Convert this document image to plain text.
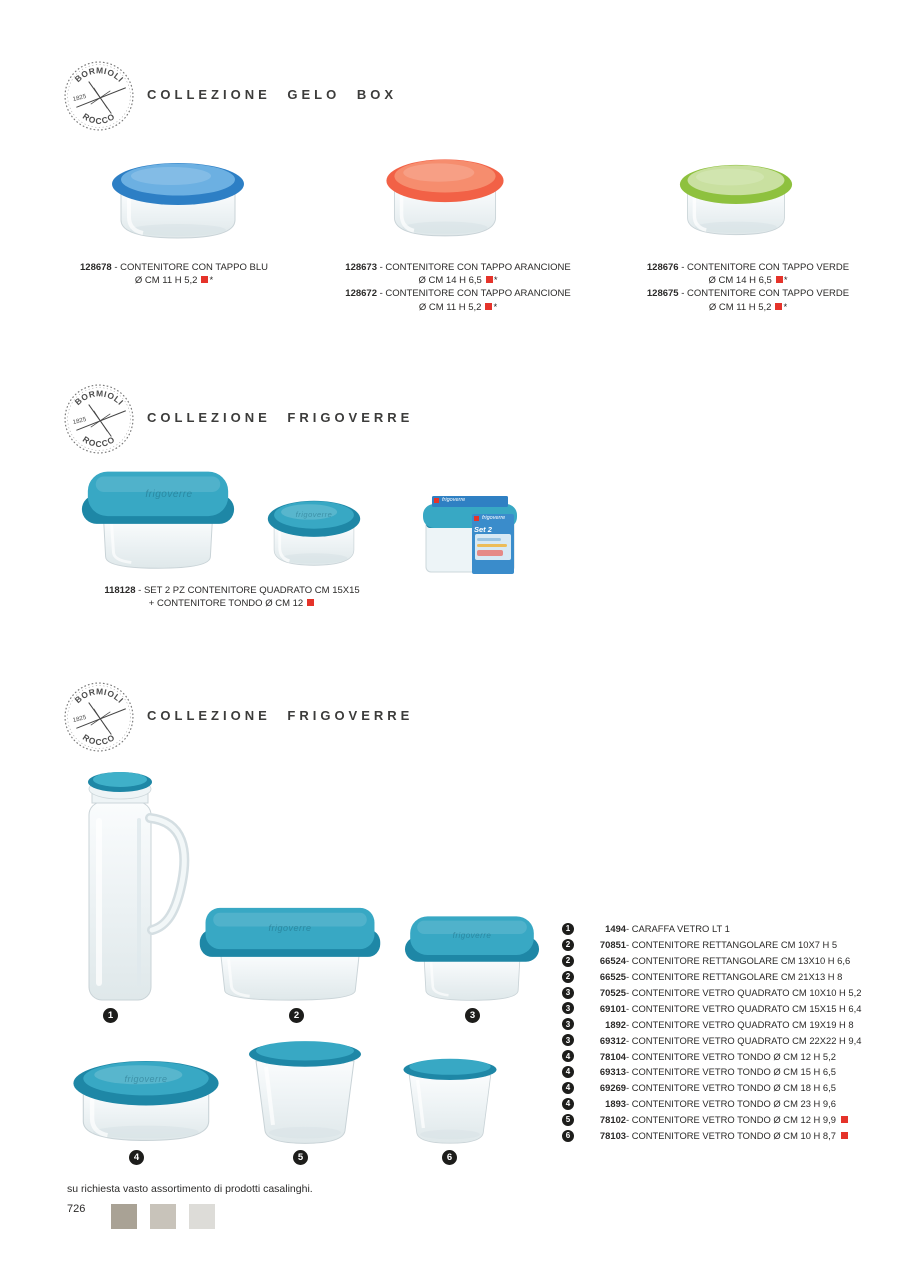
COLLEZIONE GELO BOX
128678 - CONTENITORE CON TAPPO BLU
Ø CM 11 H 5,2 *
128673 - CONTENITORE CON TAPPO ARANCIONE
Ø CM 14 H 6,5 *
128672 - CONTENITORE CON TAPPO ARANCIONE
Ø CM 11 H 5,2 *
128676 - CONTENITORE CON TAPPO VERDE
Ø CM 14 H 6,5 *
128675 - CONTENITORE CON TAPPO VERDE
Ø CM 11 H 5,2 *
COLLEZIONE FRIGOVERRE
frigoverre
frigoverre
frigoverre
frigoverre
Set 2
118128 - SET 2 PZ CONTENITORE QUADRATO CM 15X15
+ CONTENITORE TONDO Ø CM 12
COLLEZIONE FRIGOVERRE
frigoverre
frigoverre
frigoverre
1	2	3
4	5	6
1	1494 - CARAFFA VETRO LT 1
2	70851 - CONTENITORE RETTANGOLARE CM 10X7 H 5
2	66524 - CONTENITORE RETTANGOLARE CM 13X10 H 6,6
2	66525 - CONTENITORE RETTANGOLARE CM 21X13 H 8
3	70525 - CONTENITORE VETRO QUADRATO CM 10X10 H 5,2
3	69101 - CONTENITORE VETRO QUADRATO CM 15X15 H 6,4
3	1892 - CONTENITORE VETRO QUADRATO CM 19X19 H 8
3	69312 - CONTENITORE VETRO QUADRATO CM 22X22 H 9,4
4	78104 - CONTENITORE VETRO TONDO Ø CM 12 H 5,2
4	69313 - CONTENITORE VETRO TONDO Ø CM 15 H 6,5
4	69269 - CONTENITORE VETRO TONDO Ø CM 18 H 6,5
4	1893 - CONTENITORE VETRO TONDO Ø CM 23 H 9,6
5	78102 - CONTENITORE VETRO TONDO Ø CM 12 H 9,9
6	78103 - CONTENITORE VETRO TONDO Ø CM 10 H 8,7
su richiesta vasto assortimento di prodotti casalinghi.
726
